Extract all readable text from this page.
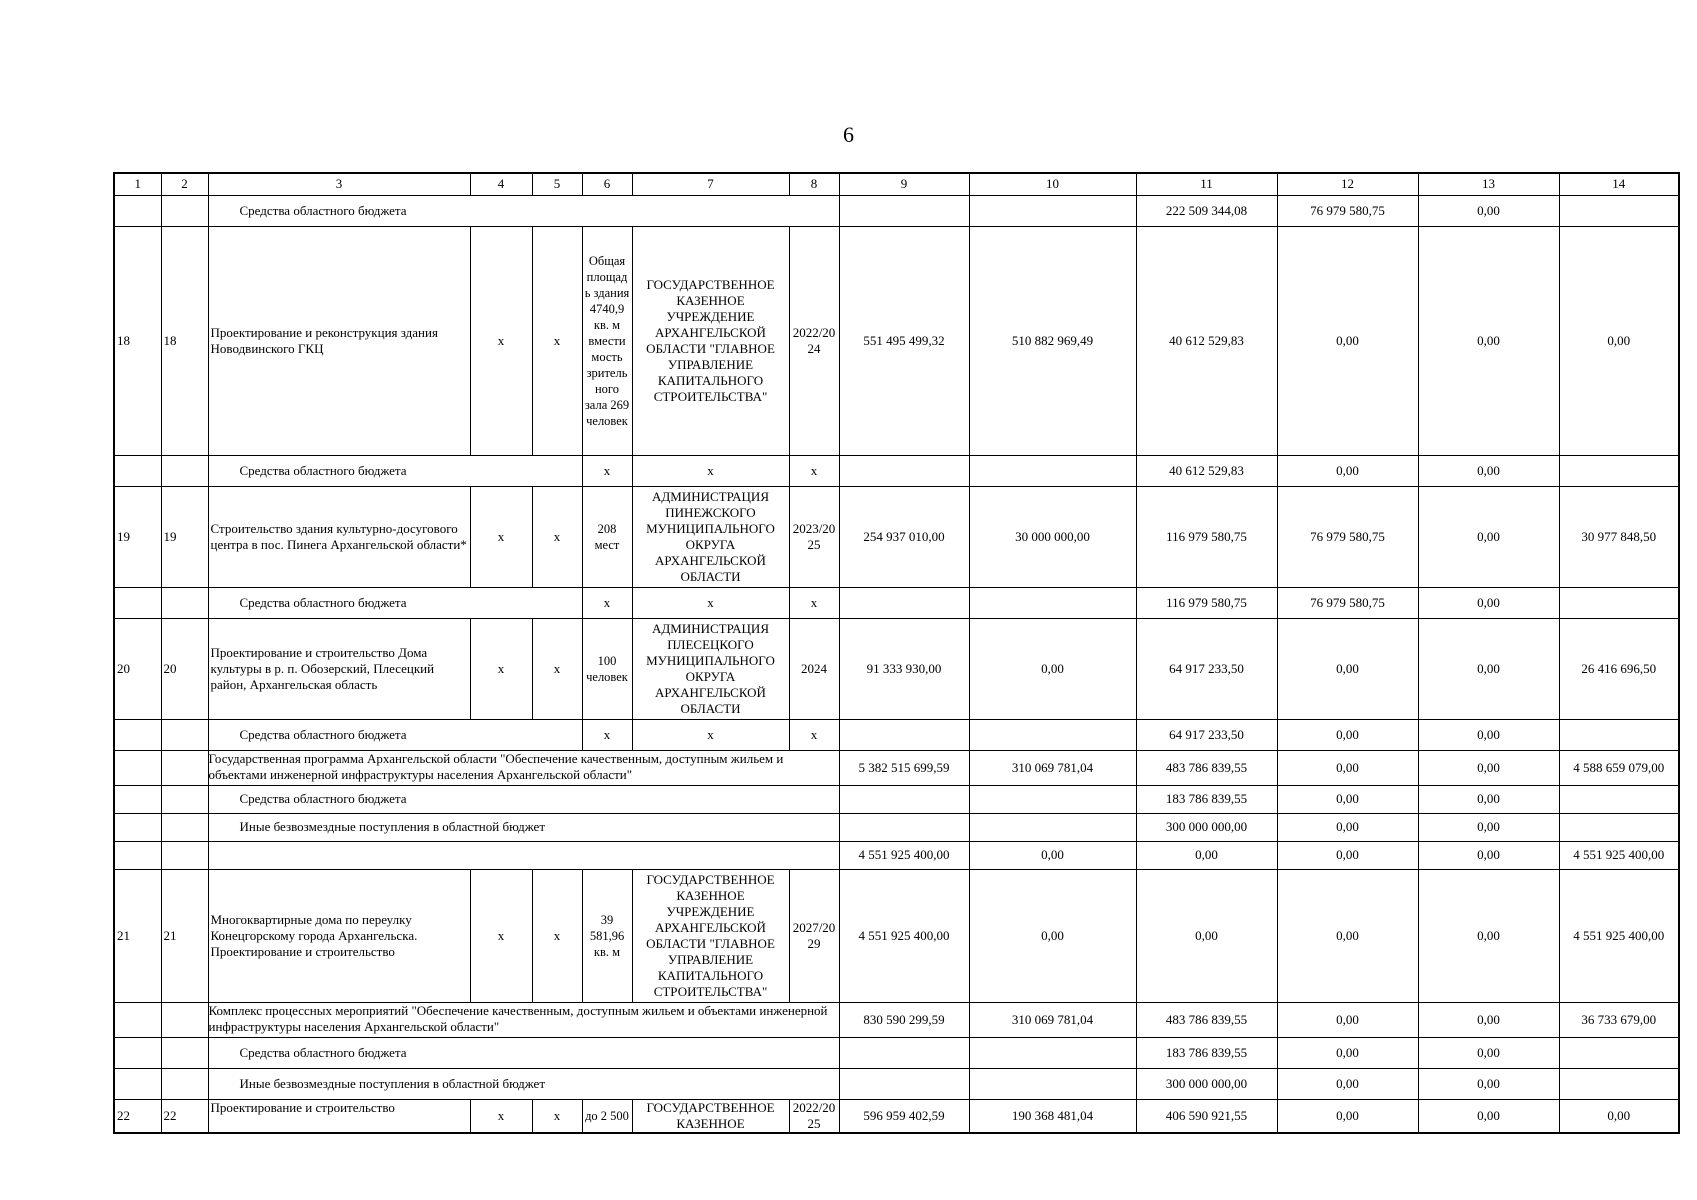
6
1	2	3	4	5	6	7	8	9	10	11	12	13	14
		Средства областного бюджета								222 509 344,08	76 979 580,75	0,00	
18	18	Проектирование и реконструкция здания Новодвинского ГКЦ	х	х	Общая площадь здания 4740,9 кв. м вместимость зрительного зала 269 человек	ГОСУДАРСТВЕННОЕ КАЗЕННОЕ УЧРЕЖДЕНИЕ АРХАНГЕЛЬСКОЙ ОБЛАСТИ "ГЛАВНОЕ УПРАВЛЕНИЕ КАПИТАЛЬНОГО СТРОИТЕЛЬСТВА"	2022/2024	551 495 499,32	510 882 969,49	40 612 529,83	0,00	0,00	0,00
		Средства областного бюджета			х	х	х			40 612 529,83	0,00	0,00	
19	19	Строительство здания культурно-досугового центра в пос. Пинега Архангельской области*	х	х	208 мест	АДМИНИСТРАЦИЯ ПИНЕЖСКОГО МУНИЦИПАЛЬНОГО ОКРУГА АРХАНГЕЛЬСКОЙ ОБЛАСТИ	2023/2025	254 937 010,00	30 000 000,00	116 979 580,75	76 979 580,75	0,00	30 977 848,50
		Средства областного бюджета			х	х	х			116 979 580,75	76 979 580,75	0,00	
20	20	Проектирование и строительство Дома культуры в р. п. Обозерский, Плесецкий район, Архангельская область	х	х	100 человек	АДМИНИСТРАЦИЯ ПЛЕСЕЦКОГО МУНИЦИПАЛЬНОГО ОКРУГА АРХАНГЕЛЬСКОЙ ОБЛАСТИ	2024	91 333 930,00	0,00	64 917 233,50	0,00	0,00	26 416 696,50
		Средства областного бюджета			х	х	х			64 917 233,50	0,00	0,00	
		Государственная программа Архангельской области "Обеспечение качественным, доступным жильем и объектами инженерной инфраструктуры населения Архангельской области"						5 382 515 699,59	310 069 781,04	483 786 839,55	0,00	0,00	4 588 659 079,00
		Средства областного бюджета								183 786 839,55	0,00	0,00	
		Иные безвозмездные поступления в областной бюджет								300 000 000,00	0,00	0,00	
								4 551 925 400,00	0,00	0,00	0,00	0,00	4 551 925 400,00
21	21	Многоквартирные дома по переулку Конецгорскому города Архангельска. Проектирование и строительство	х	х	39 581,96 кв. м	ГОСУДАРСТВЕННОЕ КАЗЕННОЕ УЧРЕЖДЕНИЕ АРХАНГЕЛЬСКОЙ ОБЛАСТИ "ГЛАВНОЕ УПРАВЛЕНИЕ КАПИТАЛЬНОГО СТРОИТЕЛЬСТВА"	2027/2029	4 551 925 400,00	0,00	0,00	0,00	0,00	4 551 925 400,00
		Комплекс процессных мероприятий "Обеспечение качественным, доступным жильем и объектами инженерной инфраструктуры населения Архангельской области"						830 590 299,59	310 069 781,04	483 786 839,55	0,00	0,00	36 733 679,00
		Средства областного бюджета								183 786 839,55	0,00	0,00	
		Иные безвозмездные поступления в областной бюджет								300 000 000,00	0,00	0,00	
22	22	Проектирование и строительство	х	х	до 2 500	ГОСУДАРСТВЕННОЕ КАЗЕННОЕ	2022/2025	596 959 402,59	190 368 481,04	406 590 921,55	0,00	0,00	0,00
